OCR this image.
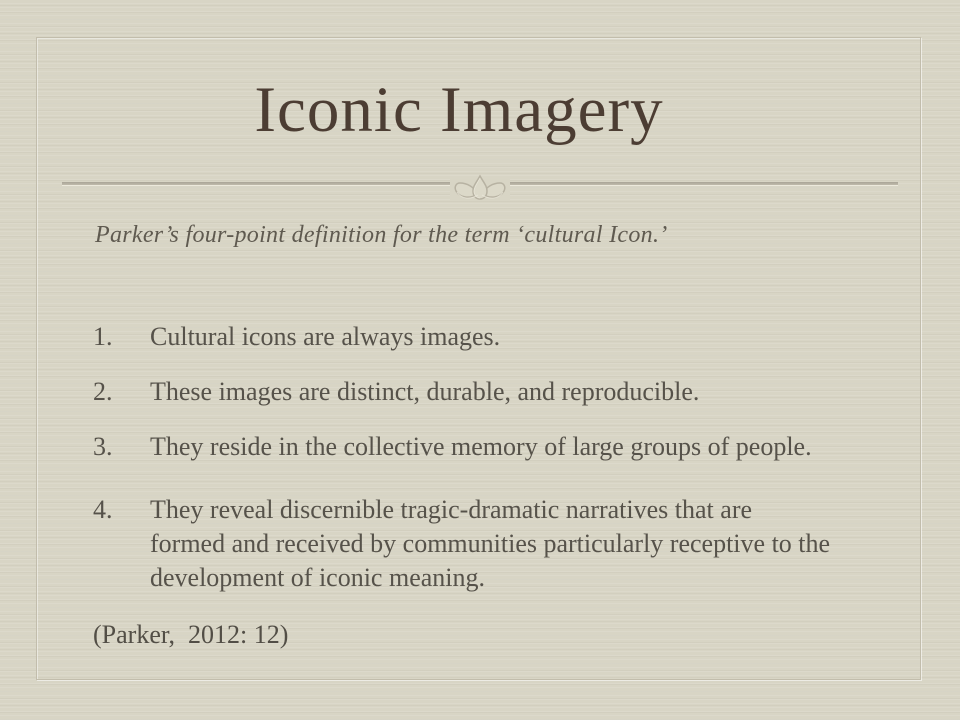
Iconic Imagery
Parker’s four-point definition for the term ‘cultural Icon.’
1.	Cultural icons are always images.
2.	These images are distinct, durable, and reproducible.
3.	They reside in the collective memory of large groups of people.
4.	They reveal discernible tragic-dramatic narratives that are
formed and received by communities particularly receptive to the
development of iconic meaning.
(Parker,  2012: 12)
